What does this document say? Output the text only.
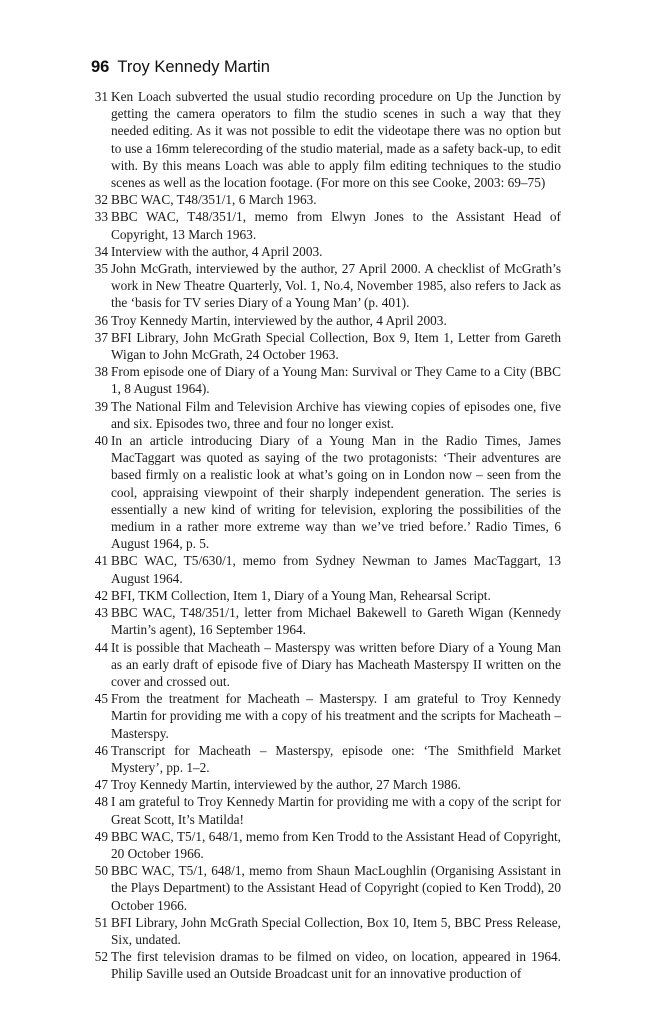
96 Troy Kennedy Martin
31 Ken Loach subverted the usual studio recording procedure on Up the Junction by getting the camera operators to film the studio scenes in such a way that they needed editing. As it was not possible to edit the videotape there was no option but to use a 16mm telerecording of the studio material, made as a safety back-up, to edit with. By this means Loach was able to apply film editing techniques to the studio scenes as well as the location footage. (For more on this see Cooke, 2003: 69–75)
32 BBC WAC, T48/351/1, 6 March 1963.
33 BBC WAC, T48/351/1, memo from Elwyn Jones to the Assistant Head of Copyright, 13 March 1963.
34 Interview with the author, 4 April 2003.
35 John McGrath, interviewed by the author, 27 April 2000. A checklist of McGrath’s work in New Theatre Quarterly, Vol. 1, No.4, November 1985, also refers to Jack as the ‘basis for TV series Diary of a Young Man’ (p. 401).
36 Troy Kennedy Martin, interviewed by the author, 4 April 2003.
37 BFI Library, John McGrath Special Collection, Box 9, Item 1, Letter from Gareth Wigan to John McGrath, 24 October 1963.
38 From episode one of Diary of a Young Man: Survival or They Came to a City (BBC 1, 8 August 1964).
39 The National Film and Television Archive has viewing copies of episodes one, five and six. Episodes two, three and four no longer exist.
40 In an article introducing Diary of a Young Man in the Radio Times, James MacTaggart was quoted as saying of the two protagonists: ‘Their adventures are based firmly on a realistic look at what’s going on in London now – seen from the cool, appraising viewpoint of their sharply independent generation. The series is essentially a new kind of writing for television, exploring the possibilities of the medium in a rather more extreme way than we’ve tried before.’ Radio Times, 6 August 1964, p. 5.
41 BBC WAC, T5/630/1, memo from Sydney Newman to James MacTaggart, 13 August 1964.
42 BFI, TKM Collection, Item 1, Diary of a Young Man, Rehearsal Script.
43 BBC WAC, T48/351/1, letter from Michael Bakewell to Gareth Wigan (Kennedy Martin’s agent), 16 September 1964.
44 It is possible that Macheath – Masterspy was written before Diary of a Young Man as an early draft of episode five of Diary has Macheath Masterspy II written on the cover and crossed out.
45 From the treatment for Macheath – Masterspy. I am grateful to Troy Kennedy Martin for providing me with a copy of his treatment and the scripts for Macheath – Masterspy.
46 Transcript for Macheath – Masterspy, episode one: ‘The Smithfield Market Mystery’, pp. 1–2.
47 Troy Kennedy Martin, interviewed by the author, 27 March 1986.
48 I am grateful to Troy Kennedy Martin for providing me with a copy of the script for Great Scott, It’s Matilda!
49 BBC WAC, T5/1, 648/1, memo from Ken Trodd to the Assistant Head of Copyright, 20 October 1966.
50 BBC WAC, T5/1, 648/1, memo from Shaun MacLoughlin (Organising Assistant in the Plays Department) to the Assistant Head of Copyright (copied to Ken Trodd), 20 October 1966.
51 BFI Library, John McGrath Special Collection, Box 10, Item 5, BBC Press Release, Six, undated.
52 The first television dramas to be filmed on video, on location, appeared in 1964. Philip Saville used an Outside Broadcast unit for an innovative production of
